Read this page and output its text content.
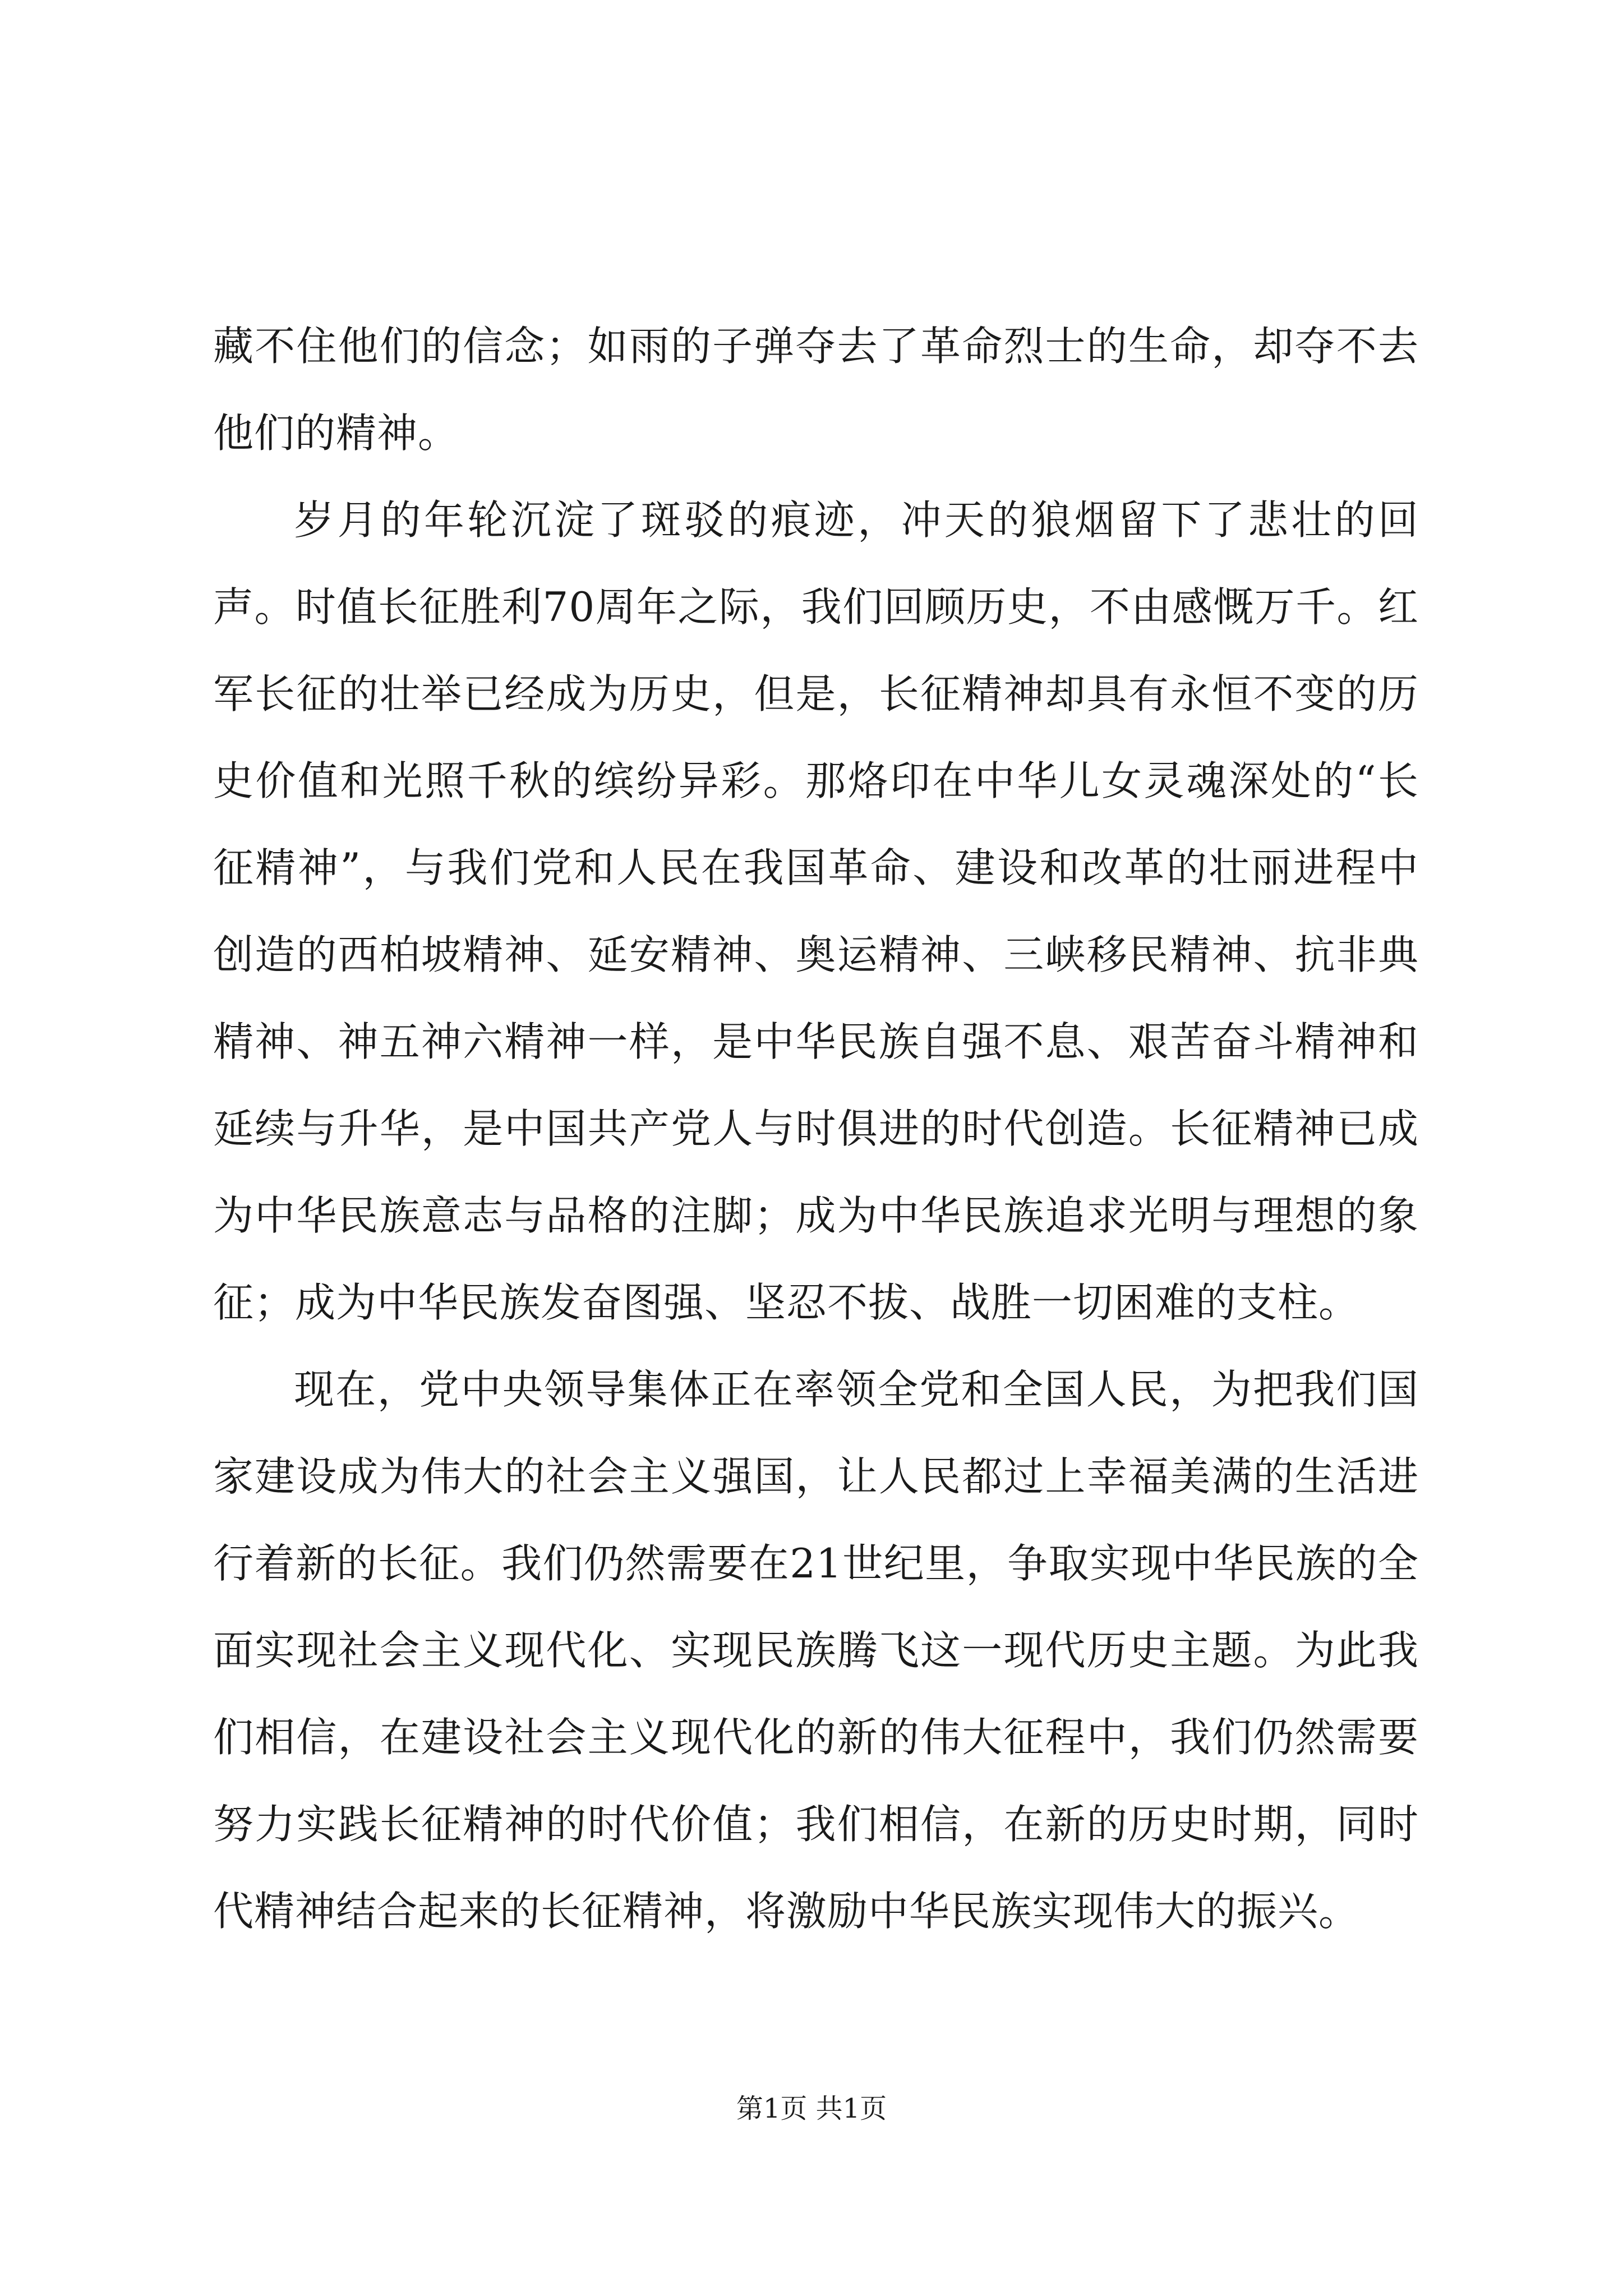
藏不住他们的信念；如雨的子弹夺去了革命烈士的生命，却夺不去他们的精神。

岁月的年轮沉淀了斑驳的痕迹，冲天的狼烟留下了悲壮的回声。时值长征胜利70周年之际，我们回顾历史，不由感慨万千。红军长征的壮举已经成为历史，但是，长征精神却具有永恒不变的历史价值和光照千秋的缤纷异彩。那烙印在中华儿女灵魂深处的“长征精神”，与我们党和人民在我国革命、建设和改革的壮丽进程中创造的西柏坡精神、延安精神、奥运精神、三峡移民精神、抗非典精神、神五神六精神一样，是中华民族自强不息、艰苦奋斗精神和延续与升华，是中国共产党人与时俱进的时代创造。长征精神已成为中华民族意志与品格的注脚；成为中华民族追求光明与理想的象征；成为中华民族发奋图强、坚忍不拔、战胜一切困难的支柱。

现在，党中央领导集体正在率领全党和全国人民，为把我们国家建设成为伟大的社会主义强国，让人民都过上幸福美满的生活进行着新的长征。我们仍然需要在21世纪里，争取实现中华民族的全面实现社会主义现代化、实现民族腾飞这一现代历史主题。为此我们相信，在建设社会主义现代化的新的伟大征程中，我们仍然需要努力实践长征精神的时代价值；我们相信，在新的历史时期，同时代精神结合起来的长征精神，将激励中华民族实现伟大的振兴。

第1页 共1页
